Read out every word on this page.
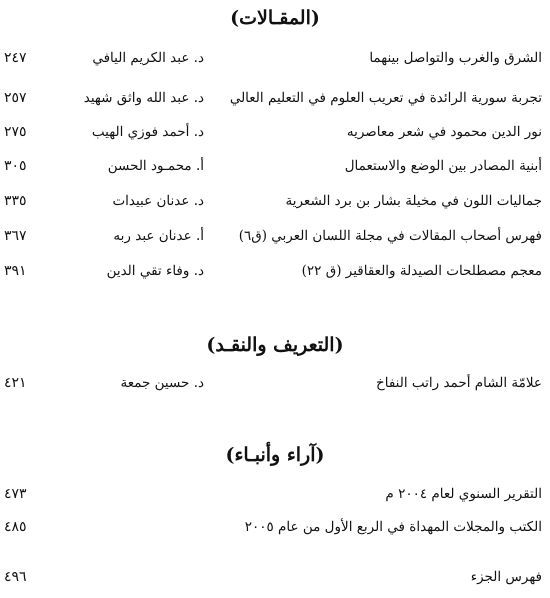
(المقـالات)
الشرق والغرب والتواصل بينهما
د. عبد الكريم اليافي
٢٤٧
تجربة سورية الرائدة في تعريب العلوم في التعليم العالي
د. عبد الله واثق شهيد
٢٥٧
نور الدين محمود في شعر معاصريه
د. أحمد فوزي الهيب
٢٧٥
أبنية المصادر بين الوضع والاستعمال
أ. محمـود الحسن
٣٠٥
جماليات اللون في مخيلة بشار بن برد الشعرية
د. عدنان عبيدات
٣٣٥
فهرس أصحاب المقالات في مجلة اللسان العربي (ق٦)
أ. عدنان عبد ربه
٣٦٧
معجم مصطلحات الصيدلة والعقاقير (ق ٢٢)
د. وفاء تقي الدين
٣٩١
(التعريف والنقـد)
علامّة الشام أحمد راتب النفاخ
د. حسين جمعة
٤٢١
(آراء وأنبـاء)
التقرير السنوي لعام ٢٠٠٤ م
٤٧٣
الكتب والمجلات المهداة في الربع الأول من عام ٢٠٠٥
٤٨٥
فهرس الجزء
٤٩٦
